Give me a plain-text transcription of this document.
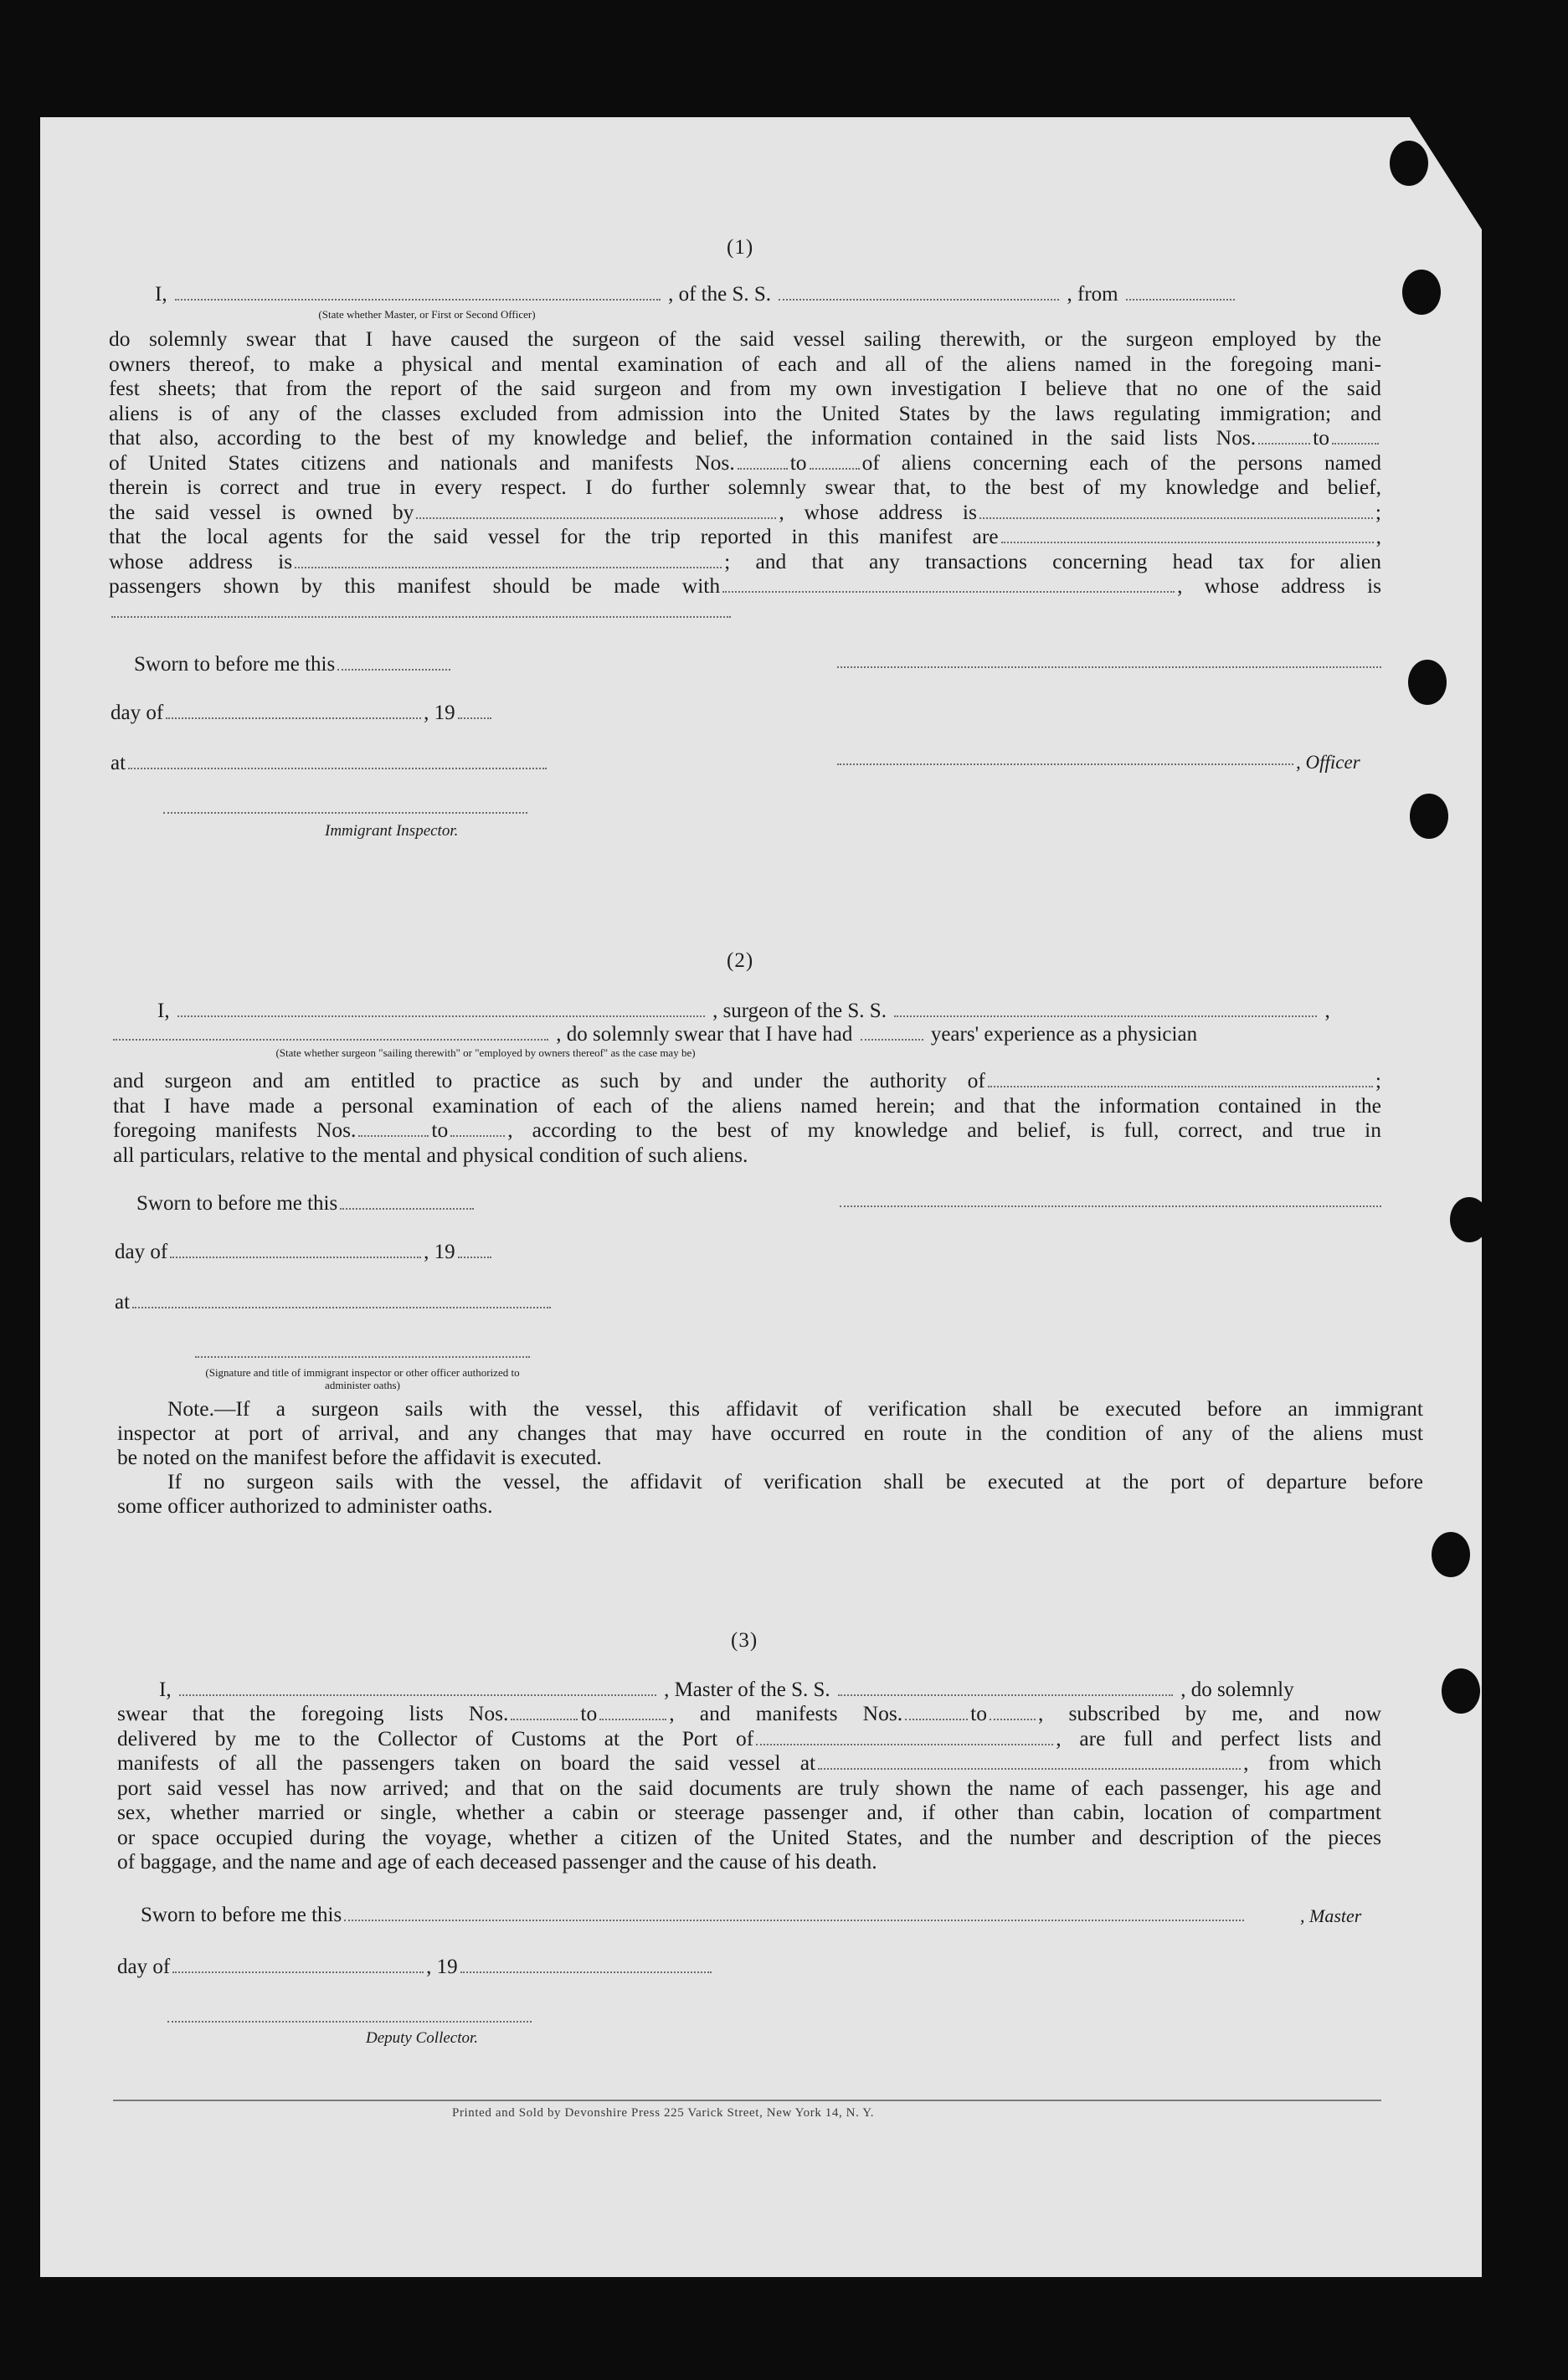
(1)
I,	, of the S. S.	, from
(State whether Master, or First or Second Officer)

do solemnly swear that I have caused the surgeon of the said vessel sailing therewith, or the surgeon employed by the

owners thereof, to make a physical and mental examination of each and all of the aliens named in the foregoing mani-

fest sheets; that from the report of the said surgeon and from my own investigation I believe that no one of the said

aliens is of any of the classes excluded from admission into the United States by the laws regulating immigration; and

that also, according to the best of my knowledge and belief, the information contained in the said lists Nos.	to

of United States citizens and nationals and manifests Nos.	to	of aliens concerning each of the persons named

therein is correct and true in every respect. I do further solemnly swear that, to the best of my knowledge and belief,

the said vessel is owned by	, whose address is	;

that the local agents for the said vessel for the trip reported in this manifest are	,

whose address is	; and that any transactions concerning head tax for alien

passengers shown by this manifest should be made with	, whose address is

Sworn to before me this
day of	, 19
at	, Officer
Immigrant Inspector.
(2)
I,	, surgeon of the S. S.	,
, do solemnly swear that I have had	years' experience as a physician
(State whether surgeon "sailing therewith" or "employed by owners thereof" as the case may be)

and surgeon and am entitled to practice as such by and under the authority of	;

that I have made a personal examination of each of the aliens named herein; and that the information contained in the

foregoing manifests Nos.	to	, according to the best of my knowledge and belief, is full, correct, and true in

all particulars, relative to the mental and physical condition of such aliens.

Sworn to before me this
day of	, 19
at
(Signature and title of immigrant inspector or other officer authorized to administer oaths)

Note.—If a surgeon sails with the vessel, this affidavit of verification shall be executed before an immigrant

inspector at port of arrival, and any changes that may have occurred en route in the condition of any of the aliens must

be noted on the manifest before the affidavit is executed.

If no surgeon sails with the vessel, the affidavit of verification shall be executed at the port of departure before

some officer authorized to administer oaths.

(3)
I,	, Master of the S. S.	, do solemnly

swear that the foregoing lists Nos.	to	, and manifests Nos.	to , subscribed by me, and now

delivered by me to the Collector of Customs at the Port of	, are full and perfect lists and

manifests of all the passengers taken on board the said vessel at	, from which

port said vessel has now arrived; and that on the said documents are truly shown the name of each passenger, his age and

sex, whether married or single, whether a cabin or steerage passenger and, if other than cabin, location of compartment

or space occupied during the voyage, whether a citizen of the United States, and the number and description of the pieces

of baggage, and the name and age of each deceased passenger and the cause of his death.

Sworn to before me this	, Master
day of	, 19
Deputy Collector.
Printed and Sold by Devonshire Press 225 Varick Street, New York 14, N. Y.
